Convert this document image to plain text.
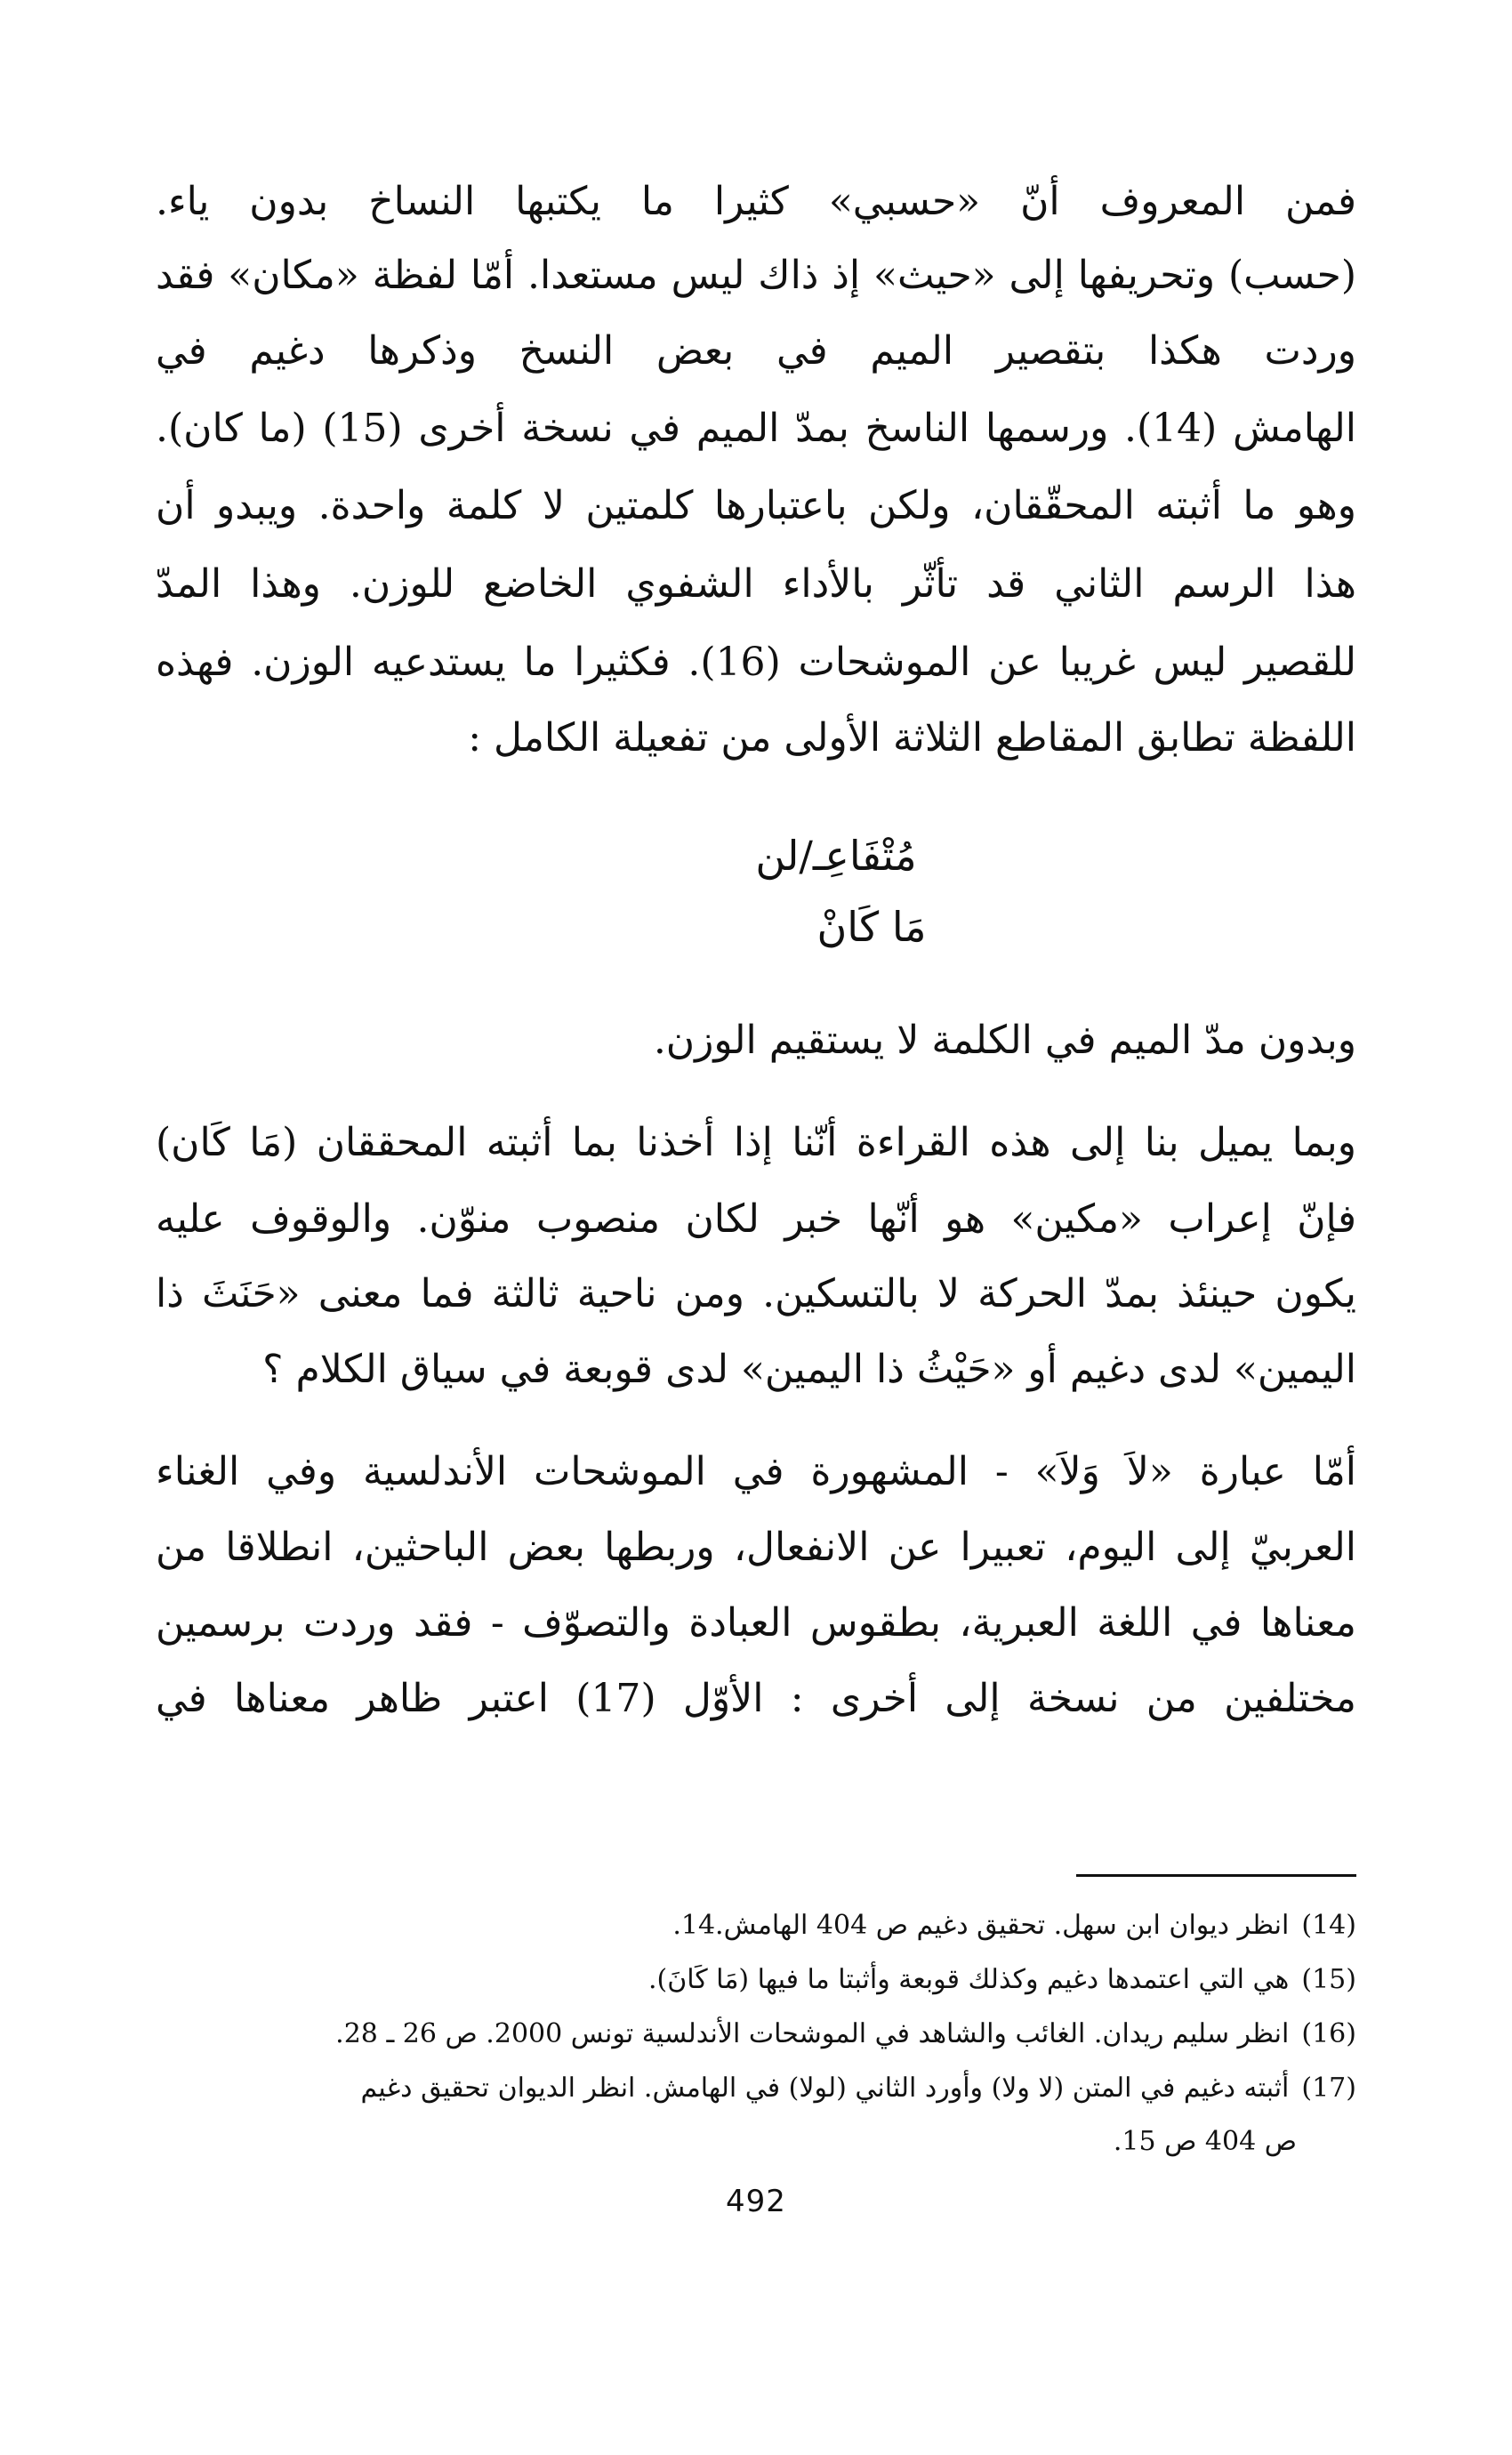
فمن المعروف أنّ «حسبي» كثيرا ما يكتبها النساخ بدون ياء.
(حسب) وتحريفها إلى «حيث» إذ ذاك ليس مستعدا. أمّا لفظة «مكان» فقد
وردت هكذا بتقصير الميم في بعض النسخ وذكرها دغيم في
الهامش (14). ورسمها الناسخ بمدّ الميم في نسخة أخرى (15) (ما كان).
وهو ما أثبته المحقّقان، ولكن باعتبارها كلمتين لا كلمة واحدة. ويبدو أن
هذا الرسم الثاني قد تأثّر بالأداء الشفوي الخاضع للوزن. وهذا المدّ
للقصير ليس غريبا عن الموشحات (16). فكثيرا ما يستدعيه الوزن. فهذه
اللفظة تطابق المقاطع الثلاثة الأولى من تفعيلة الكامل :
مُتْفَاعِـ/لن
مَا كَانْ
وبدون مدّ الميم في الكلمة لا يستقيم الوزن.
وبما يميل بنا إلى هذه القراءة أنّنا إذا أخذنا بما أثبته المحققان (مَا كَان)
فإنّ إعراب «مكين» هو أنّها خبر لكان منصوب منوّن. والوقوف عليه
يكون حينئذ بمدّ الحركة لا بالتسكين. ومن ناحية ثالثة فما معنى «حَنَثَ ذا
اليمين» لدى دغيم أو «حَيْثُ ذا اليمين» لدى قوبعة في سياق الكلام ؟
أمّا عبارة «لاَ وَلاَ» - المشهورة في الموشحات الأندلسية وفي الغناء
العربيّ إلى اليوم، تعبيرا عن الانفعال، وربطها بعض الباحثين، انطلاقا من
معناها في اللغة العبرية، بطقوس العبادة والتصوّف - فقد وردت برسمين
مختلفين من نسخة إلى أخرى : الأوّل (17) اعتبر ظاهر معناها في
(14)انظر ديوان ابن سهل. تحقيق دغيم ص 404 الهامش.14.
(15)هي التي اعتمدها دغيم وكذلك قوبعة وأثبتا ما فيها (مَا كَانَ).
(16)انظر سليم ريدان. الغائب والشاهد في الموشحات الأندلسية تونس 2000. ص 26 ـ 28.
(17)أثبته دغيم في المتن (لا ولا) وأورد الثاني (لولا) في الهامش. انظر الديوان تحقيق دغيم
ص 404 ص 15.
492
